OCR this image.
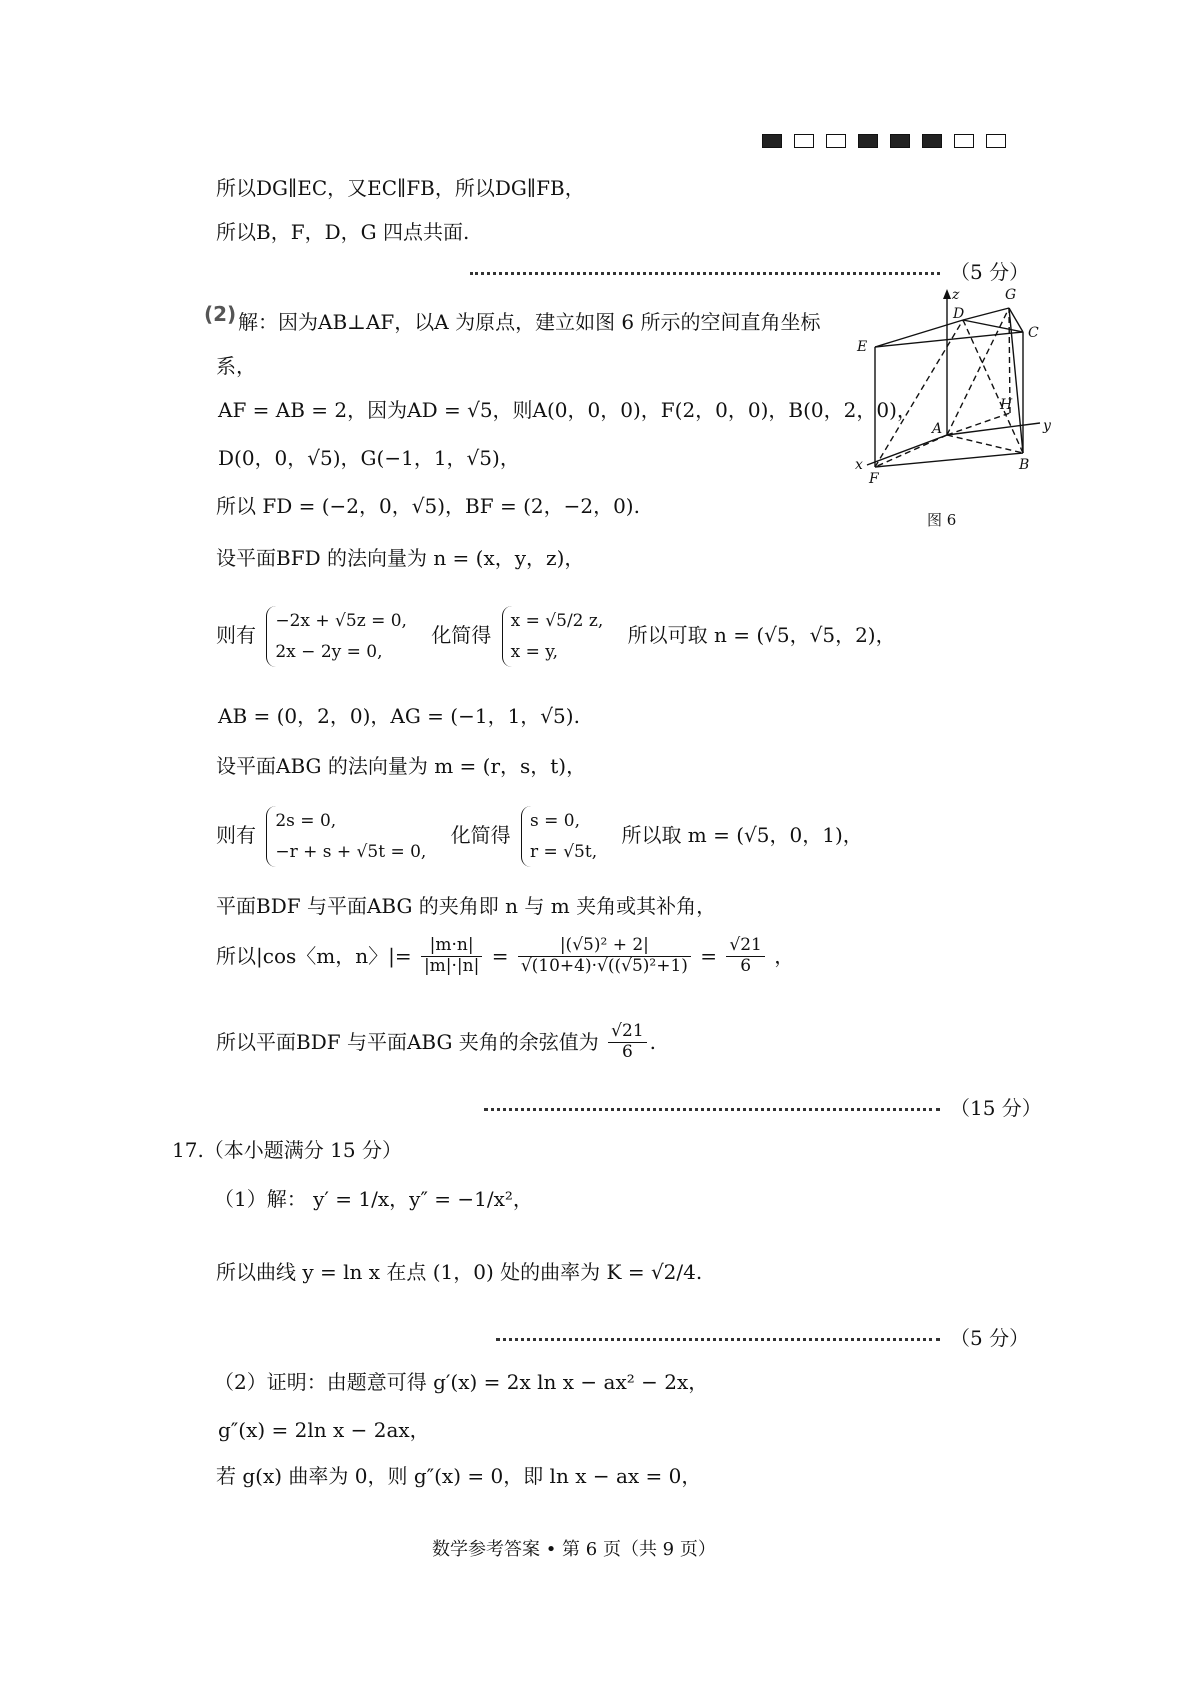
所以DG∥EC，又EC∥FB，所以DG∥FB，
所以B，F，D，G 四点共面.
（5 分）
(2) 解：因为AB⊥AF，以A 为原点，建立如图 6 所示的空间直角坐标
系，
AF = AB = 2，因为AD = √5，则A(0，0，0)，F(2，0，0)，B(0，2，0)，
D(0，0，√5)，G(−1，1，√5)，
所以 FD = (−2，0，√5)，BF = (2，−2，0).
设平面BFD 的法向量为 n = (x，y，z)，
则有
−2x + √5z = 0,
2x − 2y = 0,
化简得
x = √5/2 z,
x = y,
所以可取 n = (√5，√5，2)，
AB = (0，2，0)，AG = (−1，1，√5).
设平面ABG 的法向量为 m = (r，s，t)，
则有
2s = 0,
−r + s + √5t = 0,
化简得
s = 0,
r = √5t,
所以取 m = (√5，0，1)，
平面BDF 与平面ABG 的夹角即 n 与 m 夹角或其补角，
所以|cos〈m，n〉|= $\frac{|m\cdot n|}{|m|\cdot|n|} = \frac{\text{|(√5)² + 2|}}{\text{√(10+4)·√((√5)²+1)}} = \frac{√21}{6}$ ，
所以平面BDF 与平面ABG 夹角的余弦值为 $\frac{√21}{6}$ .
（15 分）
17.（本小题满分 15 分）
（1）解： y′ = 1/x，y″ = −1/x²，
所以曲线 y = ln x 在点 (1，0) 处的曲率为 K = √2/4.
（5 分）
（2）证明：由题意可得 g′(x) = 2x ln x − ax² − 2x，
g″(x) = 2ln x − 2ax，
若 g(x) 曲率为 0，则 g″(x) = 0，即 ln x − ax = 0，
数学参考答案 • 第 6 页（共 9 页）
z	G
D
C
E
A
H
y
x
F
B
图 6
